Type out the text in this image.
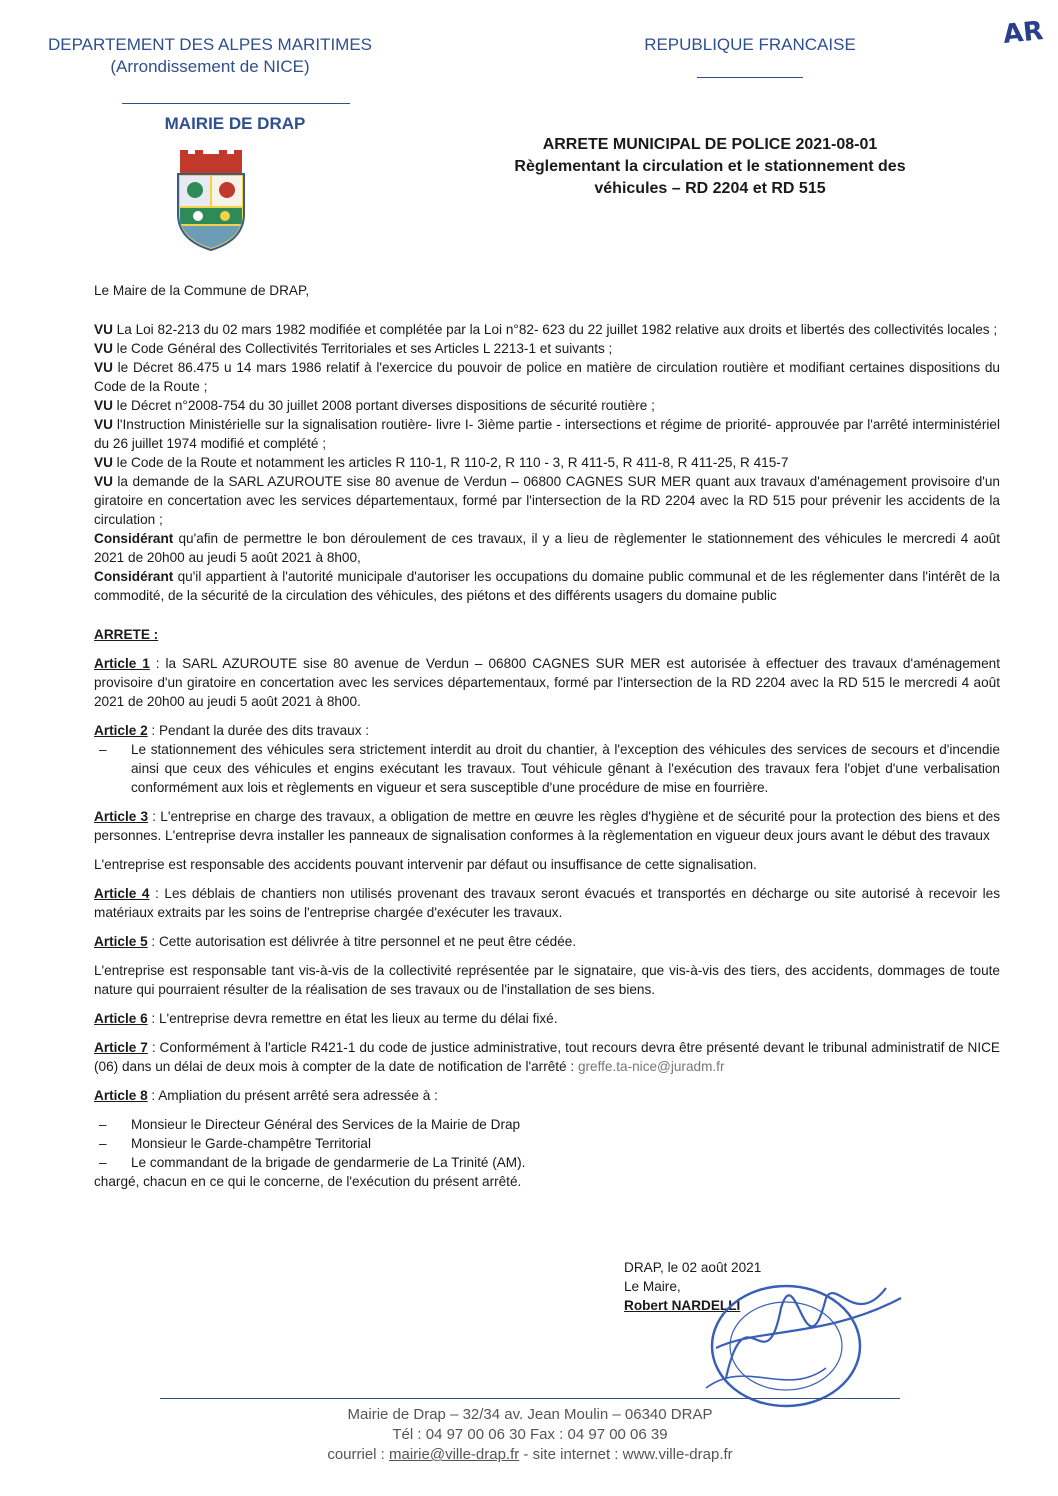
DEPARTEMENT DES ALPES MARITIMES
(Arrondissement de NICE)
MAIRIE DE DRAP
REPUBLIQUE FRANCAISE	AR
ARRETE MUNICIPAL DE POLICE 2021-08-01
Règlementant la circulation et le stationnement des
véhicules – RD 2204 et RD 515

Le Maire de la Commune de DRAP,

VU La Loi 82-213 du 02 mars 1982 modifiée et complétée par la Loi n°82- 623 du 22 juillet 1982 relative aux droits et libertés des collectivités locales ;

VU le Code Général des Collectivités Territoriales et ses Articles L 2213-1 et suivants ;

VU le Décret 86.475 u 14 mars 1986 relatif à l'exercice du pouvoir de police en matière de circulation routière et modifiant certaines dispositions du Code de la Route ;

VU le Décret n°2008-754 du 30 juillet 2008 portant diverses dispositions de sécurité routière ;

VU l'Instruction Ministérielle sur la signalisation routière- livre I- 3ième partie - intersections et régime de priorité- approuvée par l'arrêté interministériel du 26 juillet 1974 modifié et complété ;

VU le Code de la Route et notamment les articles R 110-1, R 110-2, R 110 - 3, R 411-5, R 411-8, R 411-25, R 415-7

VU la demande de la SARL AZUROUTE sise 80 avenue de Verdun – 06800 CAGNES SUR MER quant aux travaux d'aménagement provisoire d'un giratoire en concertation avec les services départementaux, formé par l'intersection de la RD 2204 avec la RD 515 pour prévenir les accidents de la circulation ;

Considérant qu'afin de permettre le bon déroulement de ces travaux, il y a lieu de règlementer le stationnement des véhicules le mercredi 4 août 2021 de 20h00 au jeudi 5 août 2021 à 8h00,

Considérant qu'il appartient à l'autorité municipale d'autoriser les occupations du domaine public communal et de les réglementer dans l'intérêt de la commodité, de la sécurité de la circulation des véhicules, des piétons et des différents usagers du domaine public

ARRETE :

Article 1 : la SARL AZUROUTE sise 80 avenue de Verdun – 06800 CAGNES SUR MER est autorisée à effectuer des travaux d'aménagement provisoire d'un giratoire en concertation avec les services départementaux, formé par l'intersection de la RD 2204 avec la RD 515 le mercredi 4 août 2021 de 20h00 au jeudi 5 août 2021 à 8h00.

Article 2 : Pendant la durée des dits travaux :

– Le stationnement des véhicules sera strictement interdit au droit du chantier, à l'exception des véhicules des services de secours et d'incendie ainsi que ceux des véhicules et engins exécutant les travaux. Tout véhicule gênant à l'exécution des travaux fera l'objet d'une verbalisation conformément aux lois et règlements en vigueur et sera susceptible d'une procédure de mise en fourrière.

Article 3 : L'entreprise en charge des travaux, a obligation de mettre en œuvre les règles d'hygiène et de sécurité pour la protection des biens et des personnes. L'entreprise devra installer les panneaux de signalisation conformes à la règlementation en vigueur deux jours avant le début des travaux

L'entreprise est responsable des accidents pouvant intervenir par défaut ou insuffisance de cette signalisation.

Article 4 : Les déblais de chantiers non utilisés provenant des travaux seront évacués et transportés en décharge ou site autorisé à recevoir les matériaux extraits par les soins de l'entreprise chargée d'exécuter les travaux.

Article 5 : Cette autorisation est délivrée à titre personnel et ne peut être cédée.

L'entreprise est responsable tant vis-à-vis de la collectivité représentée par le signataire, que vis-à-vis des tiers, des accidents, dommages de toute nature qui pourraient résulter de la réalisation de ses travaux ou de l'installation de ses biens.

Article 6 : L'entreprise devra remettre en état les lieux au terme du délai fixé.

Article 7 : Conformément à l'article R421-1 du code de justice administrative, tout recours devra être présenté devant le tribunal administratif de NICE (06) dans un délai de deux mois à compter de la date de notification de l'arrêté : greffe.ta-nice@juradm.fr

Article 8 : Ampliation du présent arrêté sera adressée à :

– Monsieur le Directeur Général des Services de la Mairie de Drap
– Monsieur le Garde-champêtre Territorial
– Le commandant de la brigade de gendarmerie de La Trinité (AM).

chargé, chacun en ce qui le concerne, de l'exécution du présent arrêté.

DRAP, le 02 août 2021
Le Maire,
Robert NARDELLI
Mairie de Drap – 32/34 av. Jean Moulin – 06340 DRAP
Tél : 04 97 00 06 30 Fax : 04 97 00 06 39
courriel : mairie@ville-drap.fr - site internet : www.ville-drap.fr
